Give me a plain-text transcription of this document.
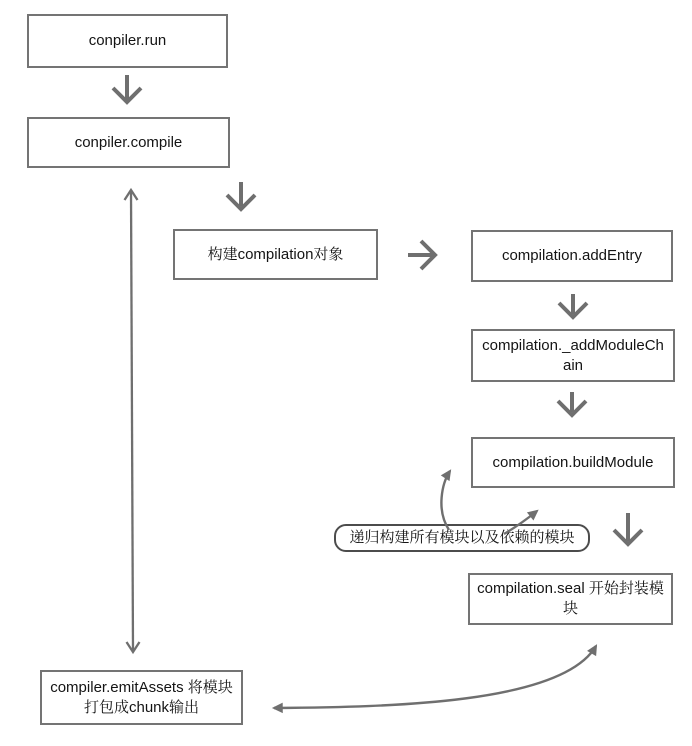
conpiler.run
conpiler.compile
构建compilation对象	compilation.addEntry
compilation._addModuleChain
compilation.buildModule
compilation.seal 开始封装模块
compiler.emitAssets 将模块打包成chunk输出
递归构建所有模块以及依赖的模块
